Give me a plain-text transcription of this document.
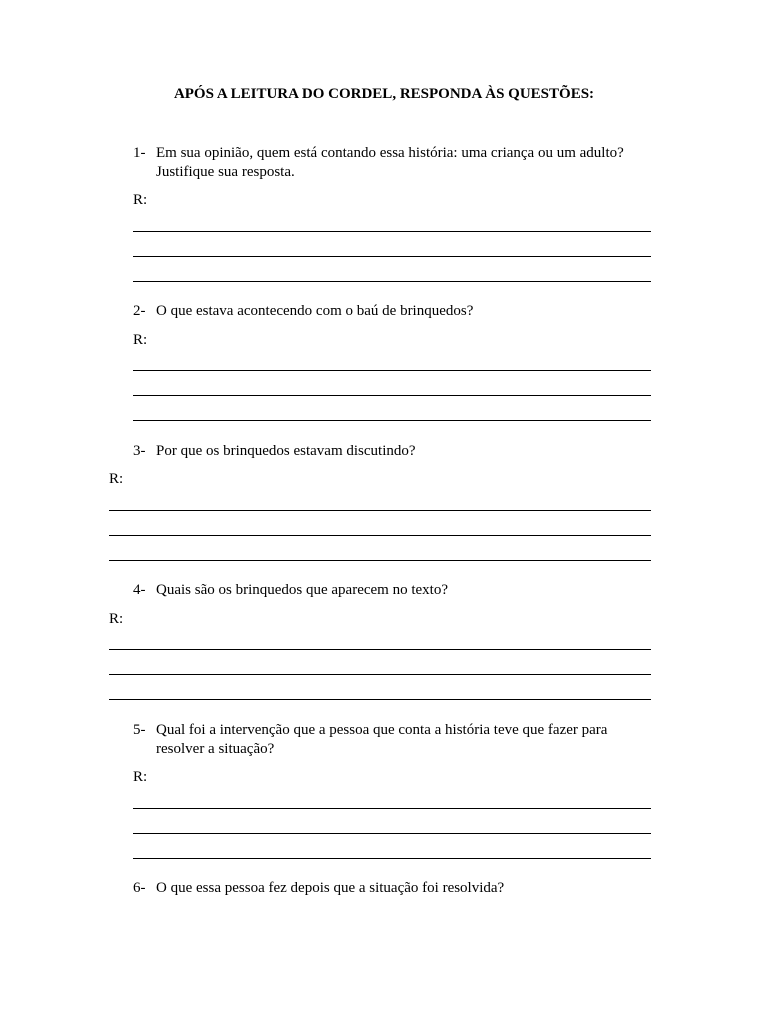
APÓS A LEITURA DO CORDEL, RESPONDA ÀS QUESTÕES:
1- Em sua opinião, quem está contando essa história: uma criança ou um adulto?
Justifique sua resposta.
R:
2- O que estava acontecendo com o baú de brinquedos?
R:
3- Por que os brinquedos estavam discutindo?
R:
4- Quais são os brinquedos que aparecem no texto?
R:
5- Qual foi a intervenção que a pessoa que conta a história teve que fazer para
resolver a situação?
R:
6- O que essa pessoa fez depois que a situação foi resolvida?
